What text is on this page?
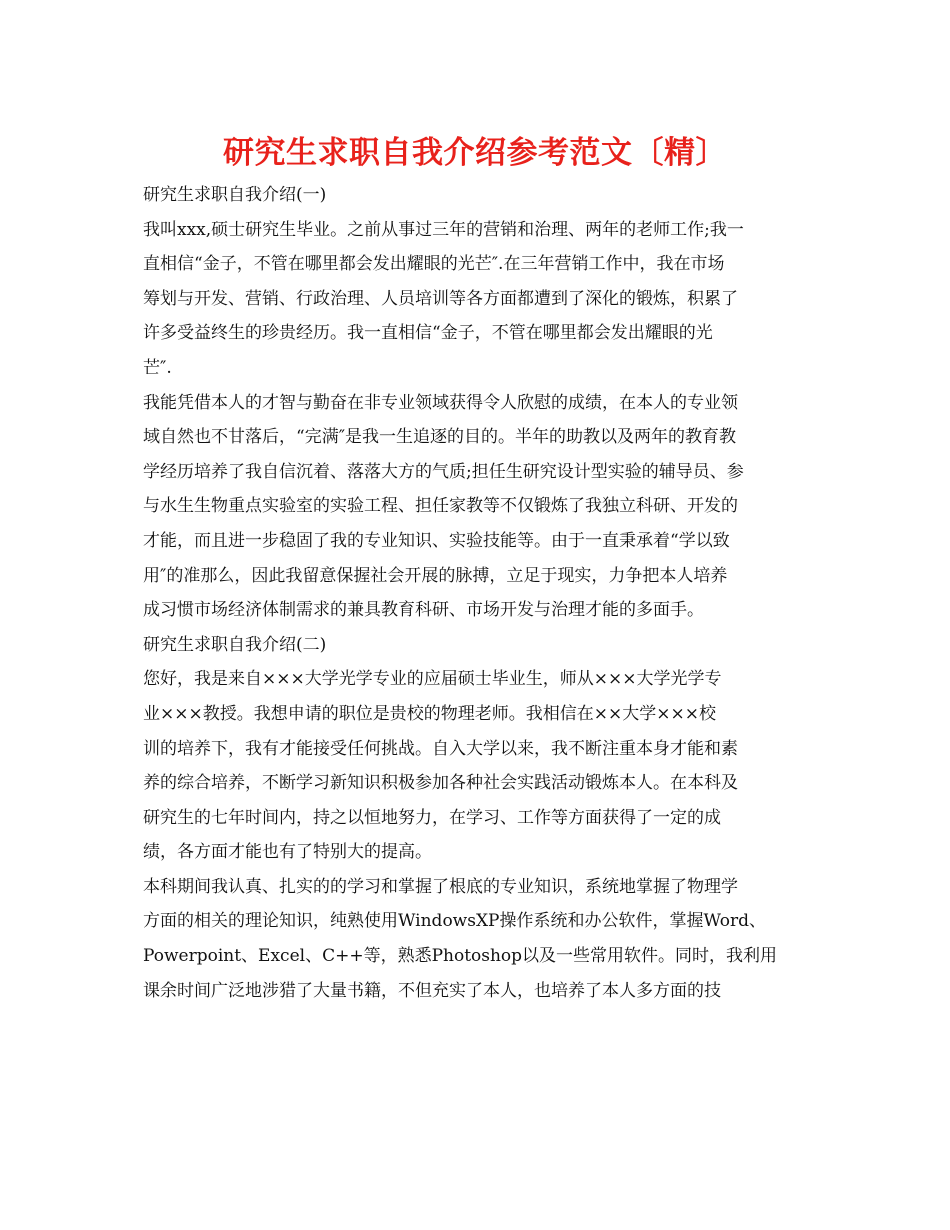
研究生求职自我介绍参考范文〔精〕

研究生求职自我介绍(一)

我叫xxx,硕士研究生毕业。之前从事过三年的营销和治理、两年的老师工作;我一

直相信“金子，不管在哪里都会发出耀眼的光芒″.在三年营销工作中，我在市场

筹划与开发、营销、行政治理、人员培训等各方面都遭到了深化的锻炼，积累了

许多受益终生的珍贵经历。我一直相信“金子，不管在哪里都会发出耀眼的光

芒″.

我能凭借本人的才智与勤奋在非专业领域获得令人欣慰的成绩，在本人的专业领

域自然也不甘落后，“完满″是我一生追逐的目的。半年的助教以及两年的教育教

学经历培养了我自信沉着、落落大方的气质;担任生研究设计型实验的辅导员、参

与水生生物重点实验室的实验工程、担任家教等不仅锻炼了我独立科研、开发的

才能，而且进一步稳固了我的专业知识、实验技能等。由于一直秉承着“学以致

用″的准那么，因此我留意保握社会开展的脉搏，立足于现实，力争把本人培养

成习惯市场经济体制需求的兼具教育科研、市场开发与治理才能的多面手。

研究生求职自我介绍(二)

您好，我是来自×××大学光学专业的应届硕士毕业生，师从×××大学光学专

业×××教授。我想申请的职位是贵校的物理老师。我相信在××大学×××校

训的培养下，我有才能接受任何挑战。自入大学以来，我不断注重本身才能和素

养的综合培养，不断学习新知识积极参加各种社会实践活动锻炼本人。在本科及

研究生的七年时间内，持之以恒地努力，在学习、工作等方面获得了一定的成

绩，各方面才能也有了特别大的提高。

本科期间我认真、扎实的的学习和掌握了根底的专业知识，系统地掌握了物理学

方面的相关的理论知识，纯熟使用WindowsXP操作系统和办公软件，掌握Word、

Powerpoint、Excel、C++等，熟悉Photoshop以及一些常用软件。同时，我利用

课余时间广泛地涉猎了大量书籍，不但充实了本人，也培养了本人多方面的技
